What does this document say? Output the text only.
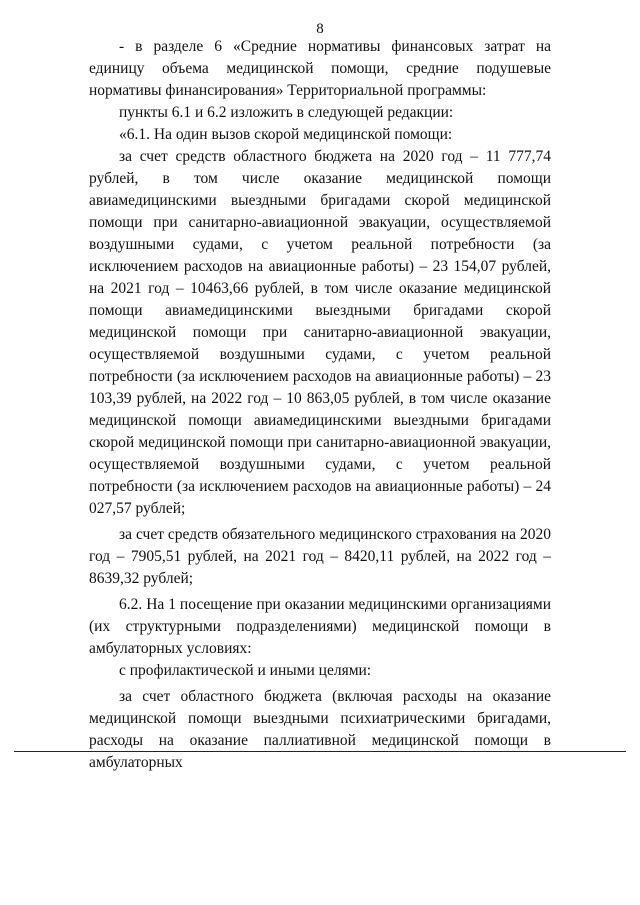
8

- в разделе 6 «Средние нормативы финансовых затрат на единицу объема медицинской помощи, средние подушевые нормативы финансирования» Территориальной программы:

пункты 6.1 и 6.2 изложить в следующей редакции:

«6.1. На один вызов скорой медицинской помощи:

за счет средств областного бюджета на 2020 год – 11 777,74 рублей, в том числе оказание медицинской помощи авиамедицинскими выездными бригадами скорой медицинской помощи при санитарно-авиационной эвакуации, осуществляемой воздушными судами, с учетом реальной потребности (за исключением расходов на авиационные работы) – 23 154,07 рублей, на 2021 год – 10463,66 рублей, в том числе оказание медицинской помощи авиамедицинскими выездными бригадами скорой медицинской помощи при санитарно-авиационной эвакуации, осуществляемой воздушными судами, с учетом реальной потребности (за исключением расходов на авиационные работы) – 23 103,39 рублей, на 2022 год – 10 863,05 рублей, в том числе оказание медицинской помощи авиамедицинскими выездными бригадами скорой медицинской помощи при санитарно-авиационной эвакуации, осуществляемой воздушными судами, с учетом реальной потребности (за исключением расходов на авиационные работы) – 24 027,57 рублей;

за счет средств обязательного медицинского страхования на 2020 год – 7905,51 рублей, на 2021 год – 8420,11 рублей, на 2022 год – 8639,32 рублей;

6.2. На 1 посещение при оказании медицинскими организациями (их структурными подразделениями) медицинской помощи в амбулаторных условиях:

с профилактической и иными целями:

за счет областного бюджета (включая расходы на оказание медицинской помощи выездными психиатрическими бригадами, расходы на оказание паллиативной медицинской помощи в амбулаторных
